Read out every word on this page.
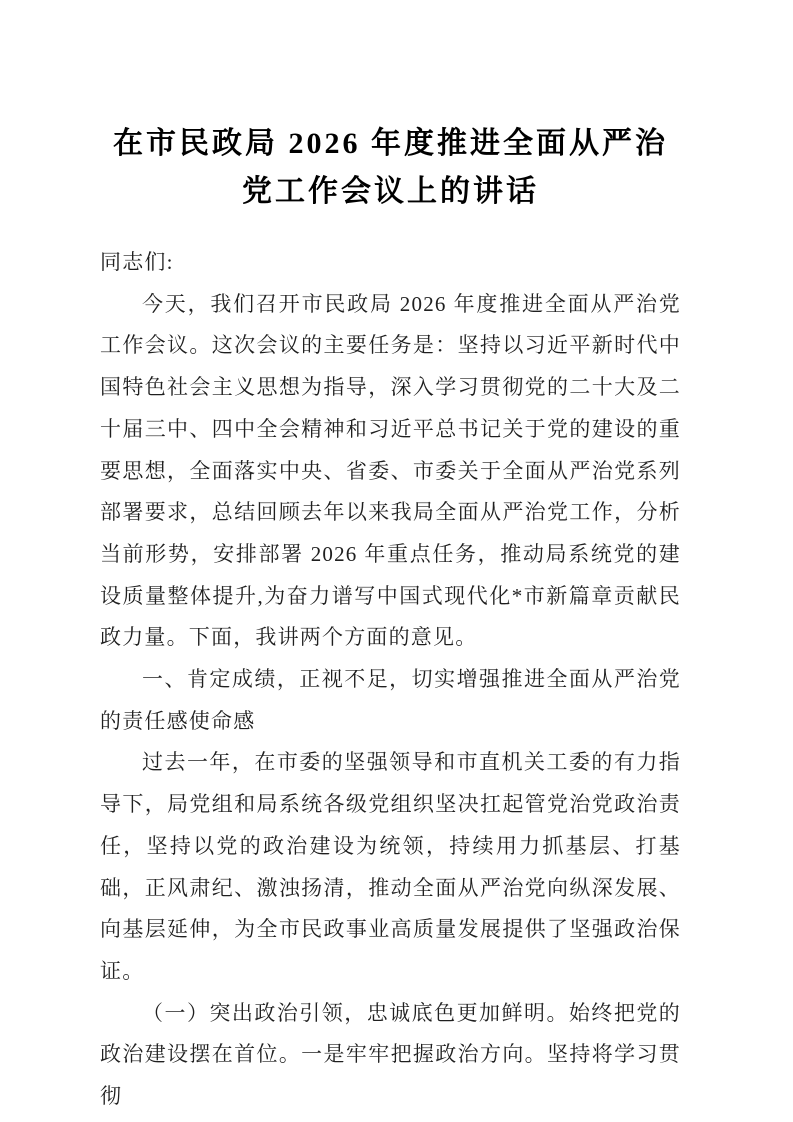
在市民政局 2026 年度推进全面从严治党工作会议上的讲话

同志们:

今天，我们召开市民政局 2026 年度推进全面从严治党工作会议。这次会议的主要任务是：坚持以习近平新时代中国特色社会主义思想为指导，深入学习贯彻党的二十大及二十届三中、四中全会精神和习近平总书记关于党的建设的重要思想，全面落实中央、省委、市委关于全面从严治党系列部署要求，总结回顾去年以来我局全面从严治党工作，分析当前形势，安排部署 2026 年重点任务，推动局系统党的建设质量整体提升,为奋力谱写中国式现代化*市新篇章贡献民政力量。下面，我讲两个方面的意见。

一、肯定成绩，正视不足，切实增强推进全面从严治党的责任感使命感

过去一年，在市委的坚强领导和市直机关工委的有力指导下，局党组和局系统各级党组织坚决扛起管党治党政治责任，坚持以党的政治建设为统领，持续用力抓基层、打基础，正风肃纪、激浊扬清，推动全面从严治党向纵深发展、向基层延伸，为全市民政事业高质量发展提供了坚强政治保证。

（一）突出政治引领，忠诚底色更加鲜明。始终把党的政治建设摆在首位。一是牢牢把握政治方向。坚持将学习贯彻
